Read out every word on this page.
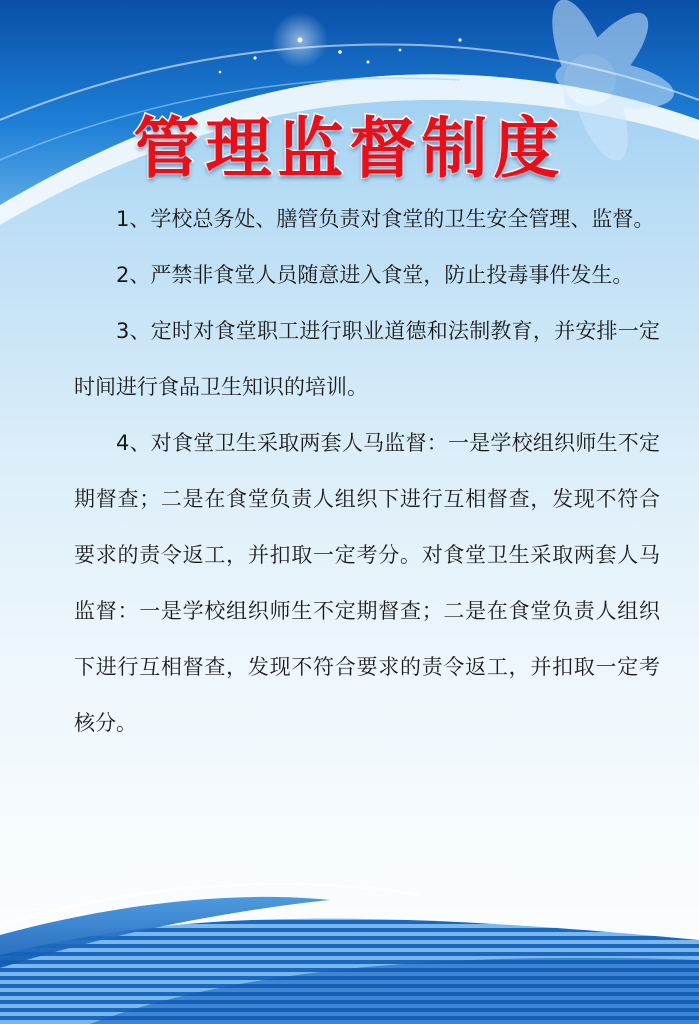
管理监督制度

1、学校总务处、膳管负责对食堂的卫生安全管理、监督。

2、严禁非食堂人员随意进入食堂，防止投毒事件发生。

3、定时对食堂职工进行职业道德和法制教育，并安排一定时间进行食品卫生知识的培训。

4、对食堂卫生采取两套人马监督：一是学校组织师生不定期督查；二是在食堂负责人组织下进行互相督查，发现不符合要求的责令返工，并扣取一定考分。对食堂卫生采取两套人马监督：一是学校组织师生不定期督查；二是在食堂负责人组织下进行互相督查，发现不符合要求的责令返工，并扣取一定考核分。
